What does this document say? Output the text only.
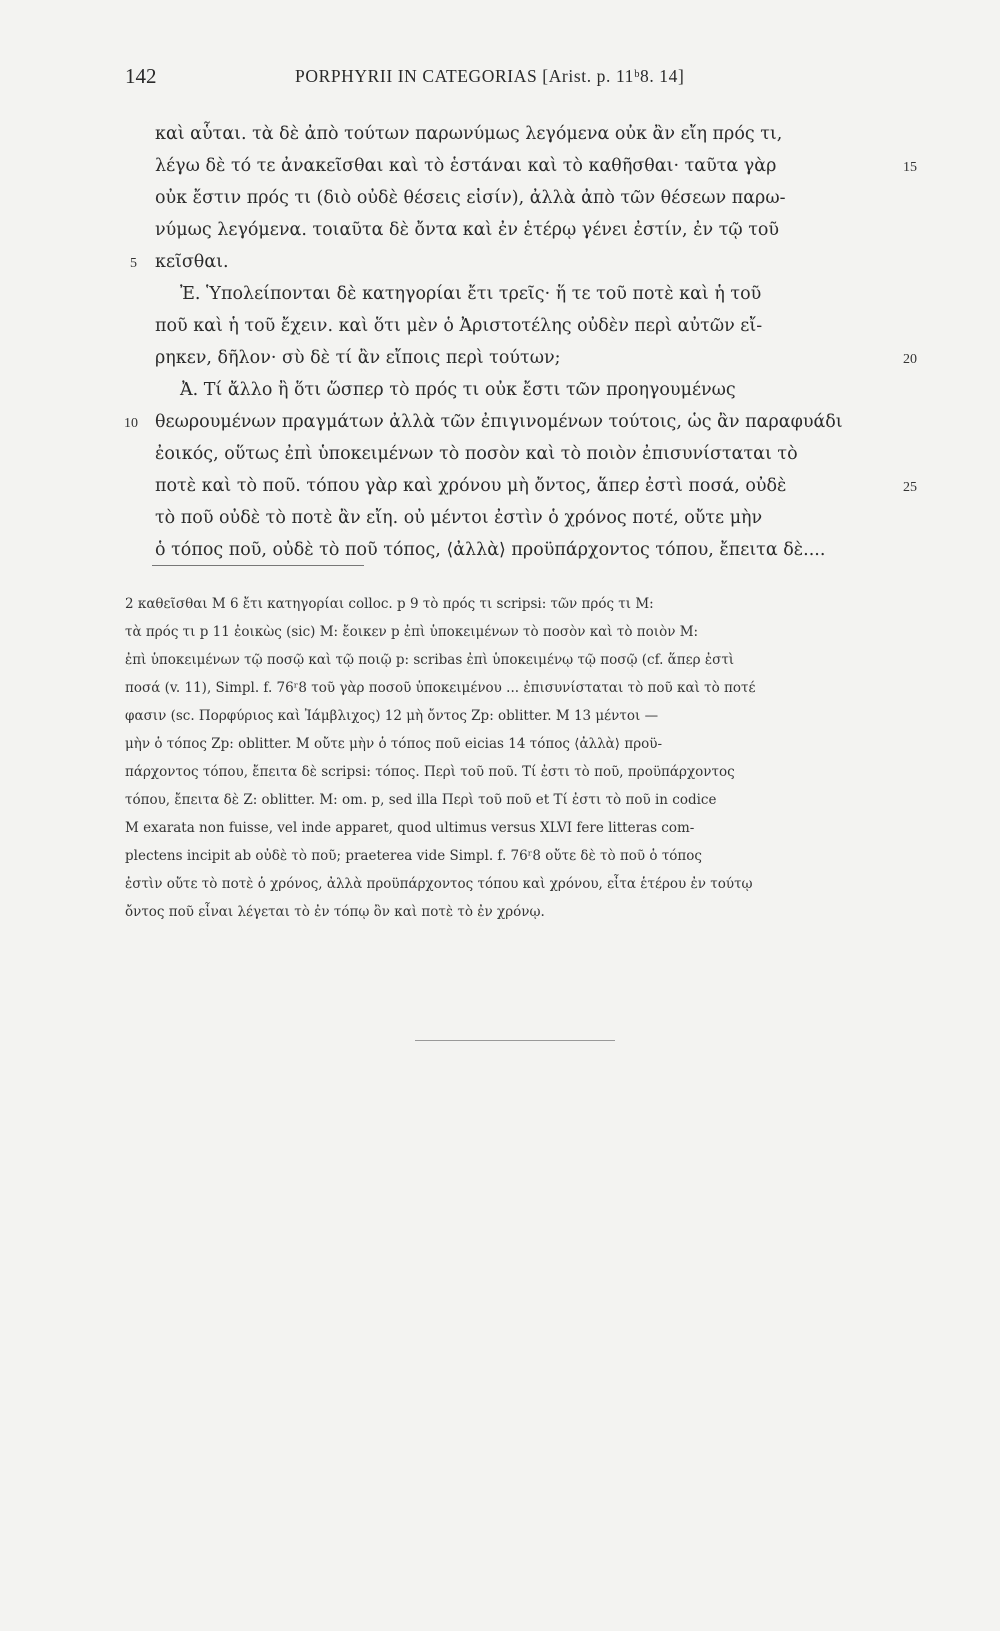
142	PORPHYRII IN CATEGORIAS [Arist. p. 11ᵇ8. 14]
καὶ αὗται. τὰ δὲ ἀπὸ τούτων παρωνύμως λεγόμενα οὐκ ἂν εἴη πρός τι,
λέγω δὲ τό τε ἀνακεῖσθαι καὶ τὸ ἑστάναι καὶ τὸ καθῆσθαι· ταῦτα γὰρ
οὐκ ἔστιν πρός τι (διὸ οὐδὲ θέσεις εἰσίν), ἀλλὰ ἀπὸ τῶν θέσεων παρω-
νύμως λεγόμενα. τοιαῦτα δὲ ὄντα καὶ ἐν ἑτέρῳ γένει ἐστίν, ἐν τῷ τοῦ
κεῖσθαι.
Ἐ. Ὑπολείπονται δὲ κατηγορίαι ἔτι τρεῖς· ἥ τε τοῦ ποτὲ καὶ ἡ τοῦ
ποῦ καὶ ἡ τοῦ ἔχειν. καὶ ὅτι μὲν ὁ Ἀριστοτέλης οὐδὲν περὶ αὐτῶν εἴ-
ρηκεν, δῆλον· σὺ δὲ τί ἂν εἴποις περὶ τούτων;
Ἀ. Τί ἄλλο ἢ ὅτι ὥσπερ τὸ πρός τι οὐκ ἔστι τῶν προηγουμένως
θεωρουμένων πραγμάτων ἀλλὰ τῶν ἐπιγινομένων τούτοις, ὡς ἂν παραφυάδι
ἐοικός, οὕτως ἐπὶ ὑποκειμένων τὸ ποσὸν καὶ τὸ ποιὸν ἐπισυνίσταται τὸ
ποτὲ καὶ τὸ ποῦ. τόπου γὰρ καὶ χρόνου μὴ ὄντος, ἅπερ ἐστὶ ποσά, οὐδὲ
τὸ ποῦ οὐδὲ τὸ ποτὲ ἂν εἴη. οὐ μέντοι ἐστὶν ὁ χρόνος ποτέ, οὔτε μὴν
ὁ τόπος ποῦ, οὐδὲ τὸ ποῦ τόπος, ⟨ἀλλὰ⟩ προϋπάρχοντος τόπου, ἔπειτα δὲ....
5
10
15
20
25
2 καθεῖσθαι M 6 ἔτι κατηγορίαι colloc. p 9 τὸ πρός τι scripsi: τῶν πρός τι M:
τὰ πρός τι p 11 ἐοικὼς (sic) M: ἔοικεν p ἐπὶ ὑποκειμένων τὸ ποσὸν καὶ τὸ ποιὸν M:
ἐπὶ ὑποκειμένων τῷ ποσῷ καὶ τῷ ποιῷ p: scribas ἐπὶ ὑποκειμένῳ τῷ ποσῷ (cf. ἅπερ ἐστὶ
ποσά (v. 11), Simpl. f. 76ʳ8 τοῦ γὰρ ποσοῦ ὑποκειμένου ... ἐπισυνίσταται τὸ ποῦ καὶ τὸ ποτέ
φασιν (sc. Πορφύριος καὶ Ἰάμβλιχος) 12 μὴ ὄντος Zp: oblitter. M 13 μέντοι —
μὴν ὁ τόπος Zp: oblitter. M οὔτε μὴν ὁ τόπος ποῦ eicias 14 τόπος ⟨ἀλλὰ⟩ προϋ-
πάρχοντος τόπου, ἔπειτα δὲ scripsi: τόπος. Περὶ τοῦ ποῦ. Τί ἐστι τὸ ποῦ, προϋπάρχοντος
τόπου, ἔπειτα δὲ Z: oblitter. M: om. p, sed illa Περὶ τοῦ ποῦ et Τί ἐστι τὸ ποῦ in codice
M exarata non fuisse, vel inde apparet, quod ultimus versus XLVI fere litteras com-
plectens incipit ab οὐδὲ τὸ ποῦ; praeterea vide Simpl. f. 76ʳ8 οὔτε δὲ τὸ ποῦ ὁ τόπος
ἐστὶν οὔτε τὸ ποτὲ ὁ χρόνος, ἀλλὰ προϋπάρχοντος τόπου καὶ χρόνου, εἶτα ἑτέρου ἐν τούτῳ
ὄντος ποῦ εἶναι λέγεται τὸ ἐν τόπῳ ὂν καὶ ποτὲ τὸ ἐν χρόνῳ.
